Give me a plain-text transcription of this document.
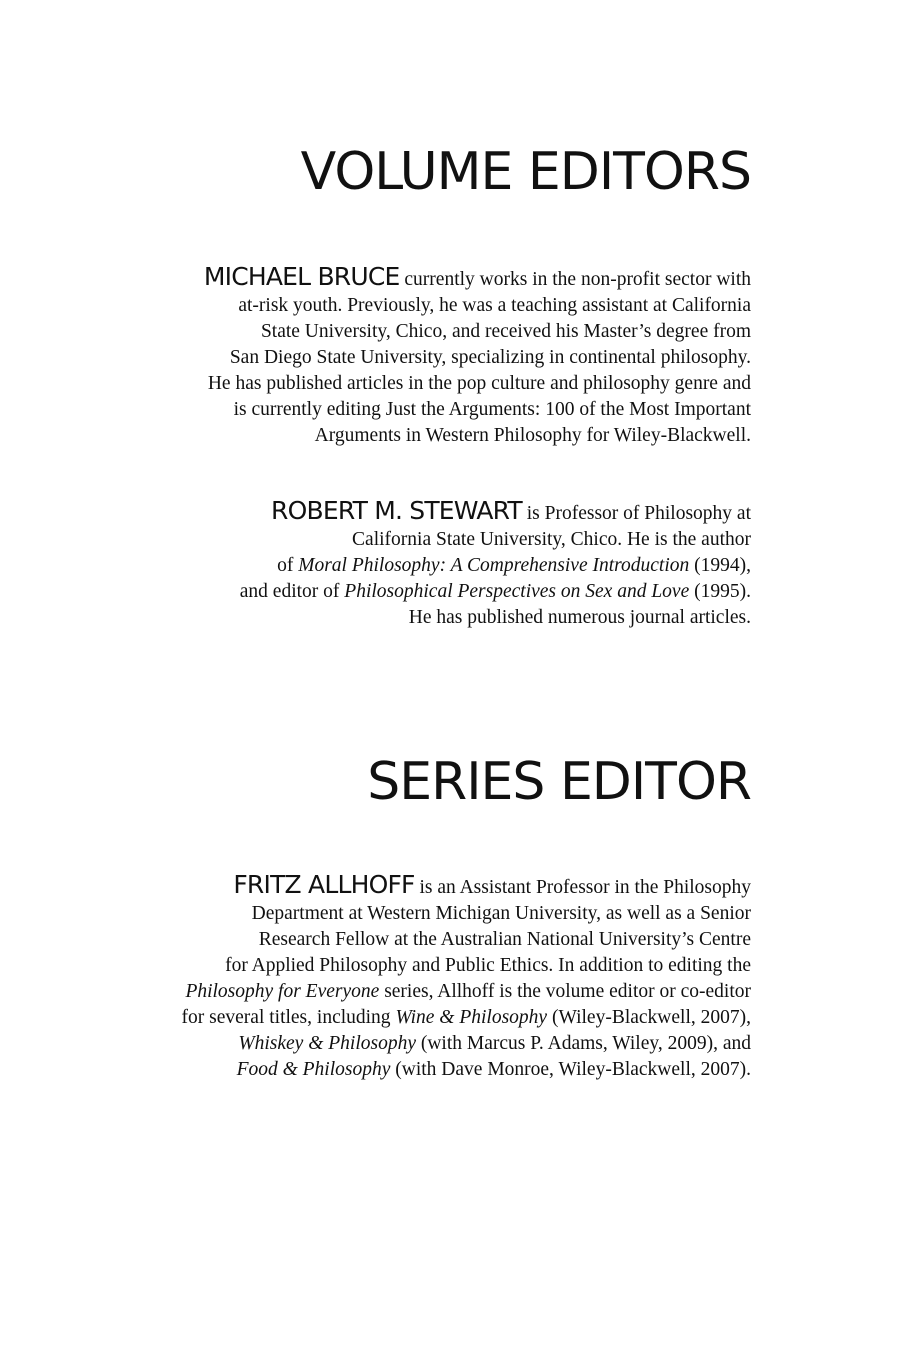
VOLUME EDITORS
MICHAEL BRUCE currently works in the non-profit sector with
at-risk youth. Previously, he was a teaching assistant at California
State University, Chico, and received his Master’s degree from
San Diego State University, specializing in continental philosophy.
He has published articles in the pop culture and philosophy genre and
is currently editing Just the Arguments: 100 of the Most Important
Arguments in Western Philosophy for Wiley-Blackwell.
ROBERT M. STEWART is Professor of Philosophy at
California State University, Chico. He is the author
of Moral Philosophy: A Comprehensive Introduction (1994),
and editor of Philosophical Perspectives on Sex and Love (1995).
He has published numerous journal articles.
SERIES EDITOR
FRITZ ALLHOFF is an Assistant Professor in the Philosophy
Department at Western Michigan University, as well as a Senior
Research Fellow at the Australian National University’s Centre
for Applied Philosophy and Public Ethics. In addition to editing the
Philosophy for Everyone series, Allhoff is the volume editor or co-editor
for several titles, including Wine & Philosophy (Wiley-Blackwell, 2007),
Whiskey & Philosophy (with Marcus P. Adams, Wiley, 2009), and
Food & Philosophy (with Dave Monroe, Wiley-Blackwell, 2007).
